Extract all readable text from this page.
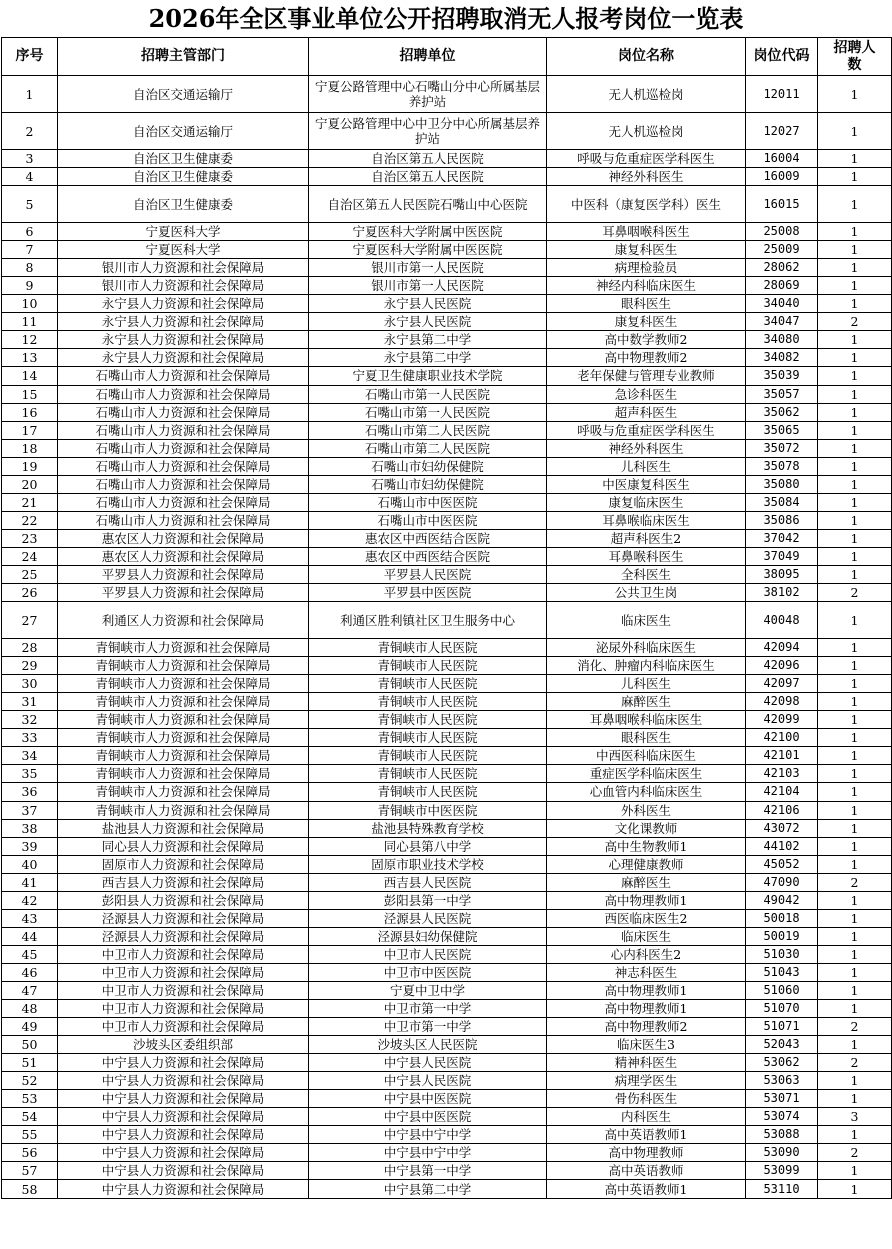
2026年全区事业单位公开招聘取消无人报考岗位一览表
序号	招聘主管部门	招聘单位	岗位名称	岗位代码	招聘人数
1	自治区交通运输厅	宁夏公路管理中心石嘴山分中心所属基层养护站	无人机巡检岗	12011	1
2	自治区交通运输厅	宁夏公路管理中心中卫分中心所属基层养护站	无人机巡检岗	12027	1
3	自治区卫生健康委	自治区第五人民医院	呼吸与危重症医学科医生	16004	1
4	自治区卫生健康委	自治区第五人民医院	神经外科医生	16009	1
5	自治区卫生健康委	自治区第五人民医院石嘴山中心医院	中医科（康复医学科）医生	16015	1
6	宁夏医科大学	宁夏医科大学附属中医医院	耳鼻咽喉科医生	25008	1
7	宁夏医科大学	宁夏医科大学附属中医医院	康复科医生	25009	1
8	银川市人力资源和社会保障局	银川市第一人民医院	病理检验员	28062	1
9	银川市人力资源和社会保障局	银川市第一人民医院	神经内科临床医生	28069	1
10	永宁县人力资源和社会保障局	永宁县人民医院	眼科医生	34040	1
11	永宁县人力资源和社会保障局	永宁县人民医院	康复科医生	34047	2
12	永宁县人力资源和社会保障局	永宁县第二中学	高中数学教师2	34080	1
13	永宁县人力资源和社会保障局	永宁县第二中学	高中物理教师2	34082	1
14	石嘴山市人力资源和社会保障局	宁夏卫生健康职业技术学院	老年保健与管理专业教师	35039	1
15	石嘴山市人力资源和社会保障局	石嘴山市第一人民医院	急诊科医生	35057	1
16	石嘴山市人力资源和社会保障局	石嘴山市第一人民医院	超声科医生	35062	1
17	石嘴山市人力资源和社会保障局	石嘴山市第二人民医院	呼吸与危重症医学科医生	35065	1
18	石嘴山市人力资源和社会保障局	石嘴山市第二人民医院	神经外科医生	35072	1
19	石嘴山市人力资源和社会保障局	石嘴山市妇幼保健院	儿科医生	35078	1
20	石嘴山市人力资源和社会保障局	石嘴山市妇幼保健院	中医康复科医生	35080	1
21	石嘴山市人力资源和社会保障局	石嘴山市中医医院	康复临床医生	35084	1
22	石嘴山市人力资源和社会保障局	石嘴山市中医医院	耳鼻喉临床医生	35086	1
23	惠农区人力资源和社会保障局	惠农区中西医结合医院	超声科医生2	37042	1
24	惠农区人力资源和社会保障局	惠农区中西医结合医院	耳鼻喉科医生	37049	1
25	平罗县人力资源和社会保障局	平罗县人民医院	全科医生	38095	1
26	平罗县人力资源和社会保障局	平罗县中医医院	公共卫生岗	38102	2
27	利通区人力资源和社会保障局	利通区胜利镇社区卫生服务中心	临床医生	40048	1
28	青铜峡市人力资源和社会保障局	青铜峡市人民医院	泌尿外科临床医生	42094	1
29	青铜峡市人力资源和社会保障局	青铜峡市人民医院	消化、肿瘤内科临床医生	42096	1
30	青铜峡市人力资源和社会保障局	青铜峡市人民医院	儿科医生	42097	1
31	青铜峡市人力资源和社会保障局	青铜峡市人民医院	麻醉医生	42098	1
32	青铜峡市人力资源和社会保障局	青铜峡市人民医院	耳鼻咽喉科临床医生	42099	1
33	青铜峡市人力资源和社会保障局	青铜峡市人民医院	眼科医生	42100	1
34	青铜峡市人力资源和社会保障局	青铜峡市人民医院	中西医科临床医生	42101	1
35	青铜峡市人力资源和社会保障局	青铜峡市人民医院	重症医学科临床医生	42103	1
36	青铜峡市人力资源和社会保障局	青铜峡市人民医院	心血管内科临床医生	42104	1
37	青铜峡市人力资源和社会保障局	青铜峡市中医医院	外科医生	42106	1
38	盐池县人力资源和社会保障局	盐池县特殊教育学校	文化课教师	43072	1
39	同心县人力资源和社会保障局	同心县第八中学	高中生物教师1	44102	1
40	固原市人力资源和社会保障局	固原市职业技术学校	心理健康教师	45052	1
41	西吉县人力资源和社会保障局	西吉县人民医院	麻醉医生	47090	2
42	彭阳县人力资源和社会保障局	彭阳县第一中学	高中物理教师1	49042	1
43	泾源县人力资源和社会保障局	泾源县人民医院	西医临床医生2	50018	1
44	泾源县人力资源和社会保障局	泾源县妇幼保健院	临床医生	50019	1
45	中卫市人力资源和社会保障局	中卫市人民医院	心内科医生2	51030	1
46	中卫市人力资源和社会保障局	中卫市中医医院	神志科医生	51043	1
47	中卫市人力资源和社会保障局	宁夏中卫中学	高中物理教师1	51060	1
48	中卫市人力资源和社会保障局	中卫市第一中学	高中物理教师1	51070	1
49	中卫市人力资源和社会保障局	中卫市第一中学	高中物理教师2	51071	2
50	沙坡头区委组织部	沙坡头区人民医院	临床医生3	52043	1
51	中宁县人力资源和社会保障局	中宁县人民医院	精神科医生	53062	2
52	中宁县人力资源和社会保障局	中宁县人民医院	病理学医生	53063	1
53	中宁县人力资源和社会保障局	中宁县中医医院	骨伤科医生	53071	1
54	中宁县人力资源和社会保障局	中宁县中医医院	内科医生	53074	3
55	中宁县人力资源和社会保障局	中宁县中宁中学	高中英语教师1	53088	1
56	中宁县人力资源和社会保障局	中宁县中宁中学	高中物理教师	53090	2
57	中宁县人力资源和社会保障局	中宁县第一中学	高中英语教师	53099	1
58	中宁县人力资源和社会保障局	中宁县第二中学	高中英语教师1	53110	1
